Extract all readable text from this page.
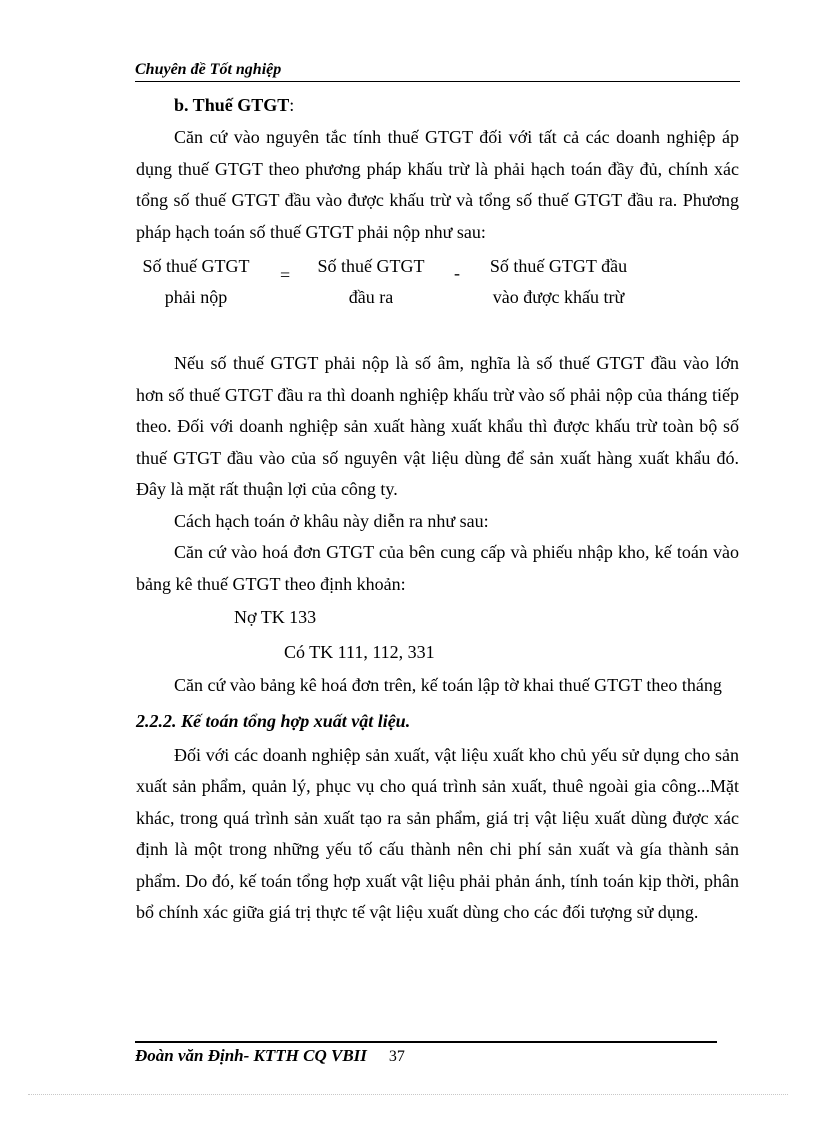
Chuyên đề Tốt nghiệp
b. Thuế GTGT:

Căn cứ vào nguyên tắc tính thuế GTGT đối với tất cả các doanh nghiệp áp dụng thuế GTGT theo phương pháp khấu trừ là phải hạch toán đầy đủ, chính xác tổng số thuế GTGT đầu vào được khấu trừ và tổng số thuế GTGT đầu ra. Phương pháp hạch toán số thuế GTGT phải nộp như sau:

Số thuế GTGT
phải nộp
=	Số thuế GTGT
đầu ra
-	Số thuế GTGT đầu
vào được khấu trừ

Nếu số thuế GTGT phải nộp là số âm, nghĩa là số thuế GTGT đầu vào lớn hơn số thuế GTGT đầu ra thì doanh nghiệp khấu trừ vào số phải nộp của tháng tiếp theo. Đối với doanh nghiệp sản xuất hàng xuất khẩu thì được khấu trừ toàn bộ số thuế GTGT đầu vào của số nguyên vật liệu dùng để sản xuất hàng xuất khẩu đó. Đây là mặt rất thuận lợi của công ty.

Cách hạch toán ở khâu này diễn ra như sau:

Căn cứ vào hoá đơn GTGT của bên cung cấp và phiếu nhập kho, kế toán vào bảng kê thuế GTGT theo định khoản:

Nợ TK 133
Có TK 111, 112, 331

Căn cứ vào bảng kê hoá đơn trên, kế toán lập tờ khai thuế GTGT theo tháng

2.2.2. Kế toán tổng hợp xuất vật liệu.

Đối với các doanh nghiệp sản xuất, vật liệu xuất kho chủ yếu sử dụng cho sản xuất sản phẩm, quản lý, phục vụ cho quá trình sản xuất, thuê ngoài gia công...Mặt khác, trong quá trình sản xuất tạo ra sản phẩm, giá trị vật liệu xuất dùng được xác định là một trong những yếu tố cấu thành nên chi phí sản xuất và gía thành sản phẩm. Do đó, kế toán tổng hợp xuất vật liệu phải phản ánh, tính toán kịp thời, phân bổ chính xác giữa giá trị thực tế vật liệu xuất dùng cho các đối tượng sử dụng.

Đoàn văn Định- KTTH CQ VBII 37
